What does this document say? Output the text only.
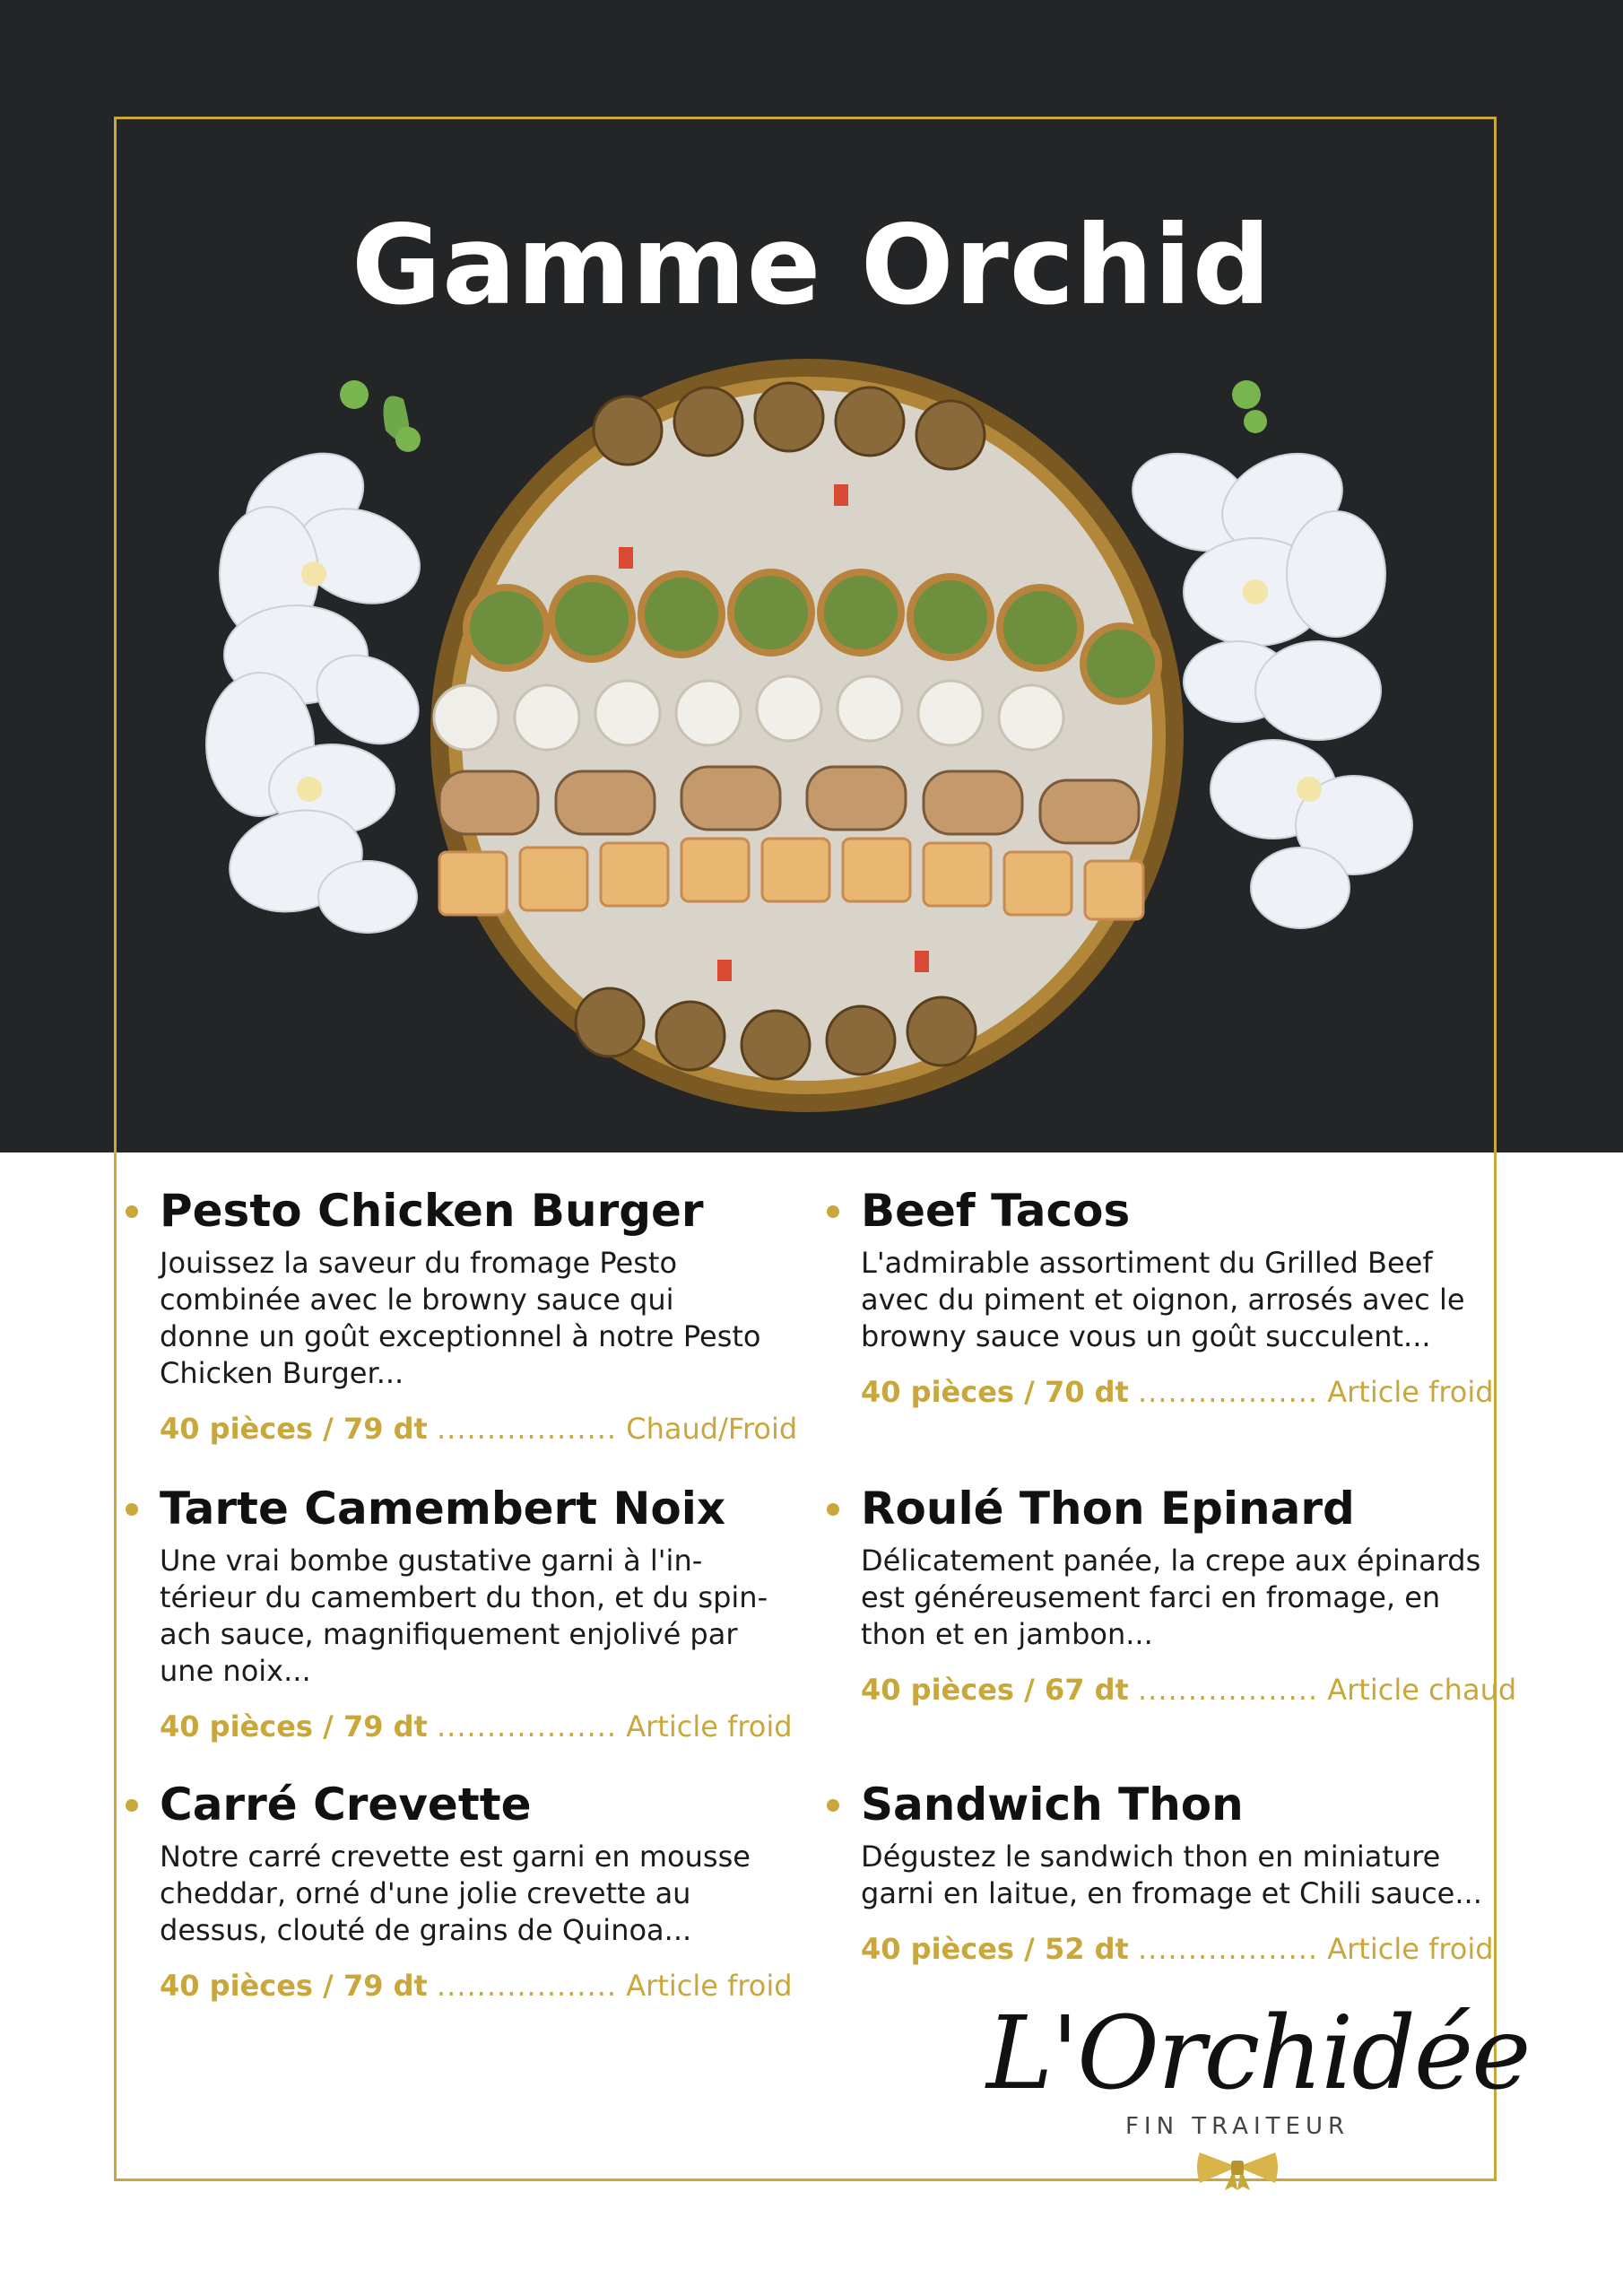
Gamme Orchid
Pesto Chicken Burger
Jouissez la saveur du fromage Pesto
combinée avec le browny sauce qui
donne un goût exceptionnel à notre Pesto
Chicken Burger...
40 pièces / 79 dt .................. Chaud/Froid
Tarte Camembert Noix
Une vrai bombe gustative garni à l'in-
térieur du camembert du thon, et du spin-
ach sauce, magnifiquement enjolivé par
une noix...
40 pièces / 79 dt .................. Article froid
Carré Crevette
Notre carré crevette est garni en mousse
cheddar, orné d'une jolie crevette au
dessus, clouté de grains de Quinoa...
40 pièces / 79 dt .................. Article froid
Beef Tacos
L'admirable assortiment du Grilled Beef
avec du piment et oignon, arrosés avec le
browny sauce vous un goût succulent...
40 pièces / 70 dt .................. Article froid
Roulé Thon Epinard
Délicatement panée, la crepe aux épinards
est généreusement farci en fromage, en
thon et en jambon...
40 pièces / 67 dt .................. Article chaud
Sandwich Thon
Dégustez le sandwich thon en miniature
garni en laitue, en fromage et Chili sauce...
40 pièces / 52 dt .................. Article froid
L'Orchidée
FIN TRAITEUR
